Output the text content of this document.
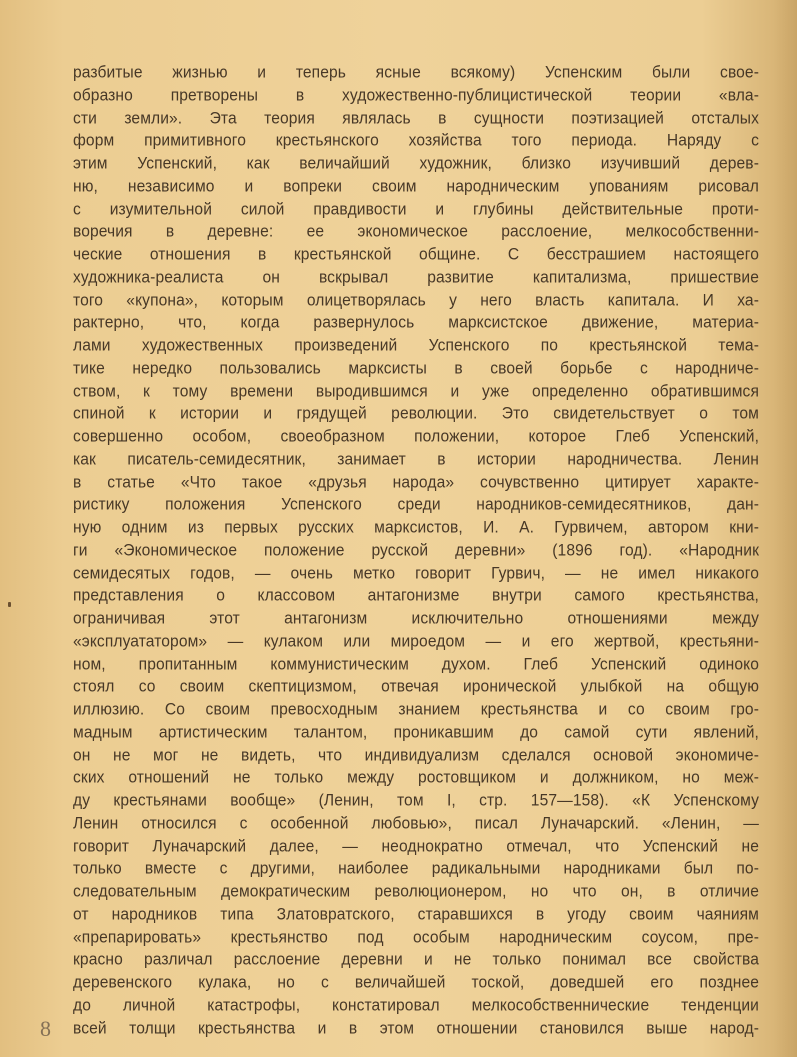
разбитые жизнью и теперь ясные всякому) Успенским были свое-
образно претворены в художественно-публицистической теории «вла-
сти земли». Эта теория являлась в сущности поэтизацией отсталых
форм примитивного крестьянского хозяйства того периода. Наряду с
этим Успенский, как величайший художник, близко изучивший дерев-
ню, независимо и вопреки своим народническим упованиям рисовал
с изумительной силой правдивости и глубины действительные проти-
воречия в деревне: ее экономическое расслоение, мелкособственни-
ческие отношения в крестьянской общине. С бесстрашием настоящего
художника-реалиста он вскрывал развитие капитализма, пришествие
того «купона», которым олицетворялась у него власть капитала. И ха-
рактерно, что, когда развернулось марксистское движение, материа-
лами художественных произведений Успенского по крестьянской тема-
тике нередко пользовались марксисты в своей борьбе с народниче-
ством, к тому времени выродившимся и уже определенно обратившимся
спиной к истории и грядущей революции. Это свидетельствует о том
совершенно особом, своеобразном положении, которое Глеб Успенский,
как писатель-семидесятник, занимает в истории народничества. Ленин
в статье «Что такое «друзья народа» сочувственно цитирует характе-
ристику положения Успенского среди народников-семидесятников, дан-
ную одним из первых русских марксистов, И. А. Гурвичем, автором кни-
ги «Экономическое положение русской деревни» (1896 год). «Народник
семидесятых годов, — очень метко говорит Гурвич, — не имел никакого
представления о классовом антагонизме внутри самого крестьянства,
ограничивая этот антагонизм исключительно отношениями между
«эксплуататором» — кулаком или мироедом — и его жертвой, крестьяни-
ном, пропитанным коммунистическим духом. Глеб Успенский одиноко
стоял со своим скептицизмом, отвечая иронической улыбкой на общую
иллюзию. Со своим превосходным знанием крестьянства и со своим гро-
мадным артистическим талантом, проникавшим до самой сути явлений,
он не мог не видеть, что индивидуализм сделался основой экономиче-
ских отношений не только между ростовщиком и должником, но меж-
ду крестьянами вообще» (Ленин, том I, стр. 157—158). «К Успенскому
Ленин относился с особенной любовью», писал Луначарский. «Ленин, —
говорит Луначарский далее, — неоднократно отмечал, что Успенский не
только вместе с другими, наиболее радикальными народниками был по-
следовательным демократическим революционером, но что он, в отличие
от народников типа Златовратского, старавшихся в угоду своим чаяниям
«препарировать» крестьянство под особым народническим соусом, пре-
красно различал расслоение деревни и не только понимал все свойства
деревенского кулака, но с величайшей тоской, доведшей его позднее
до личной катастрофы, констатировал мелкособственнические тенденции
всей толщи крестьянства и в этом отношении становился выше народ-
8
